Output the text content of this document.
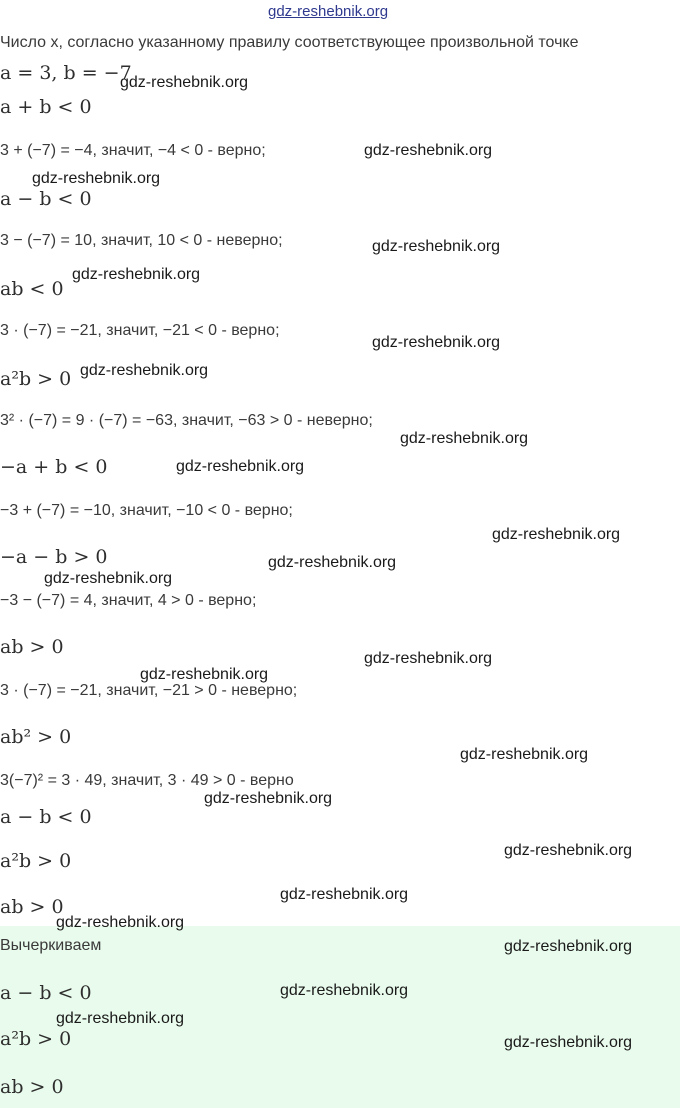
gdz-reshebnik.org
Число x, согласно указанному правилу соответствующее произвольной точке
a = 3, b = −7
a + b < 0
3 + (−7) = −4, значит, −4 < 0 - верно;
a − b < 0
3 − (−7) = 10, значит, 10 < 0 - неверно;
ab < 0
3 · (−7) = −21, значит, −21 < 0 - верно;
a²b > 0
3² · (−7) = 9 · (−7) = −63, значит, −63 > 0 - неверно;
−a + b < 0
−3 + (−7) = −10, значит, −10 < 0 - верно;
−a − b > 0
−3 − (−7) = 4, значит, 4 > 0 - верно;
ab > 0
3 · (−7) = −21, значит, −21 > 0 - неверно;
ab² > 0
3(−7)² = 3 · 49, значит, 3 · 49 > 0 - верно
a − b < 0
a²b > 0
ab > 0
Вычеркиваем
a − b < 0
a²b > 0
ab > 0
gdz-reshebnik.org
gdz-reshebnik.org
gdz-reshebnik.org
gdz-reshebnik.org
gdz-reshebnik.org
gdz-reshebnik.org
gdz-reshebnik.org
gdz-reshebnik.org
gdz-reshebnik.org
gdz-reshebnik.org
gdz-reshebnik.org
gdz-reshebnik.org
gdz-reshebnik.org
gdz-reshebnik.org
gdz-reshebnik.org
gdz-reshebnik.org
gdz-reshebnik.org
gdz-reshebnik.org
gdz-reshebnik.org
gdz-reshebnik.org
gdz-reshebnik.org
gdz-reshebnik.org
gdz-reshebnik.org
